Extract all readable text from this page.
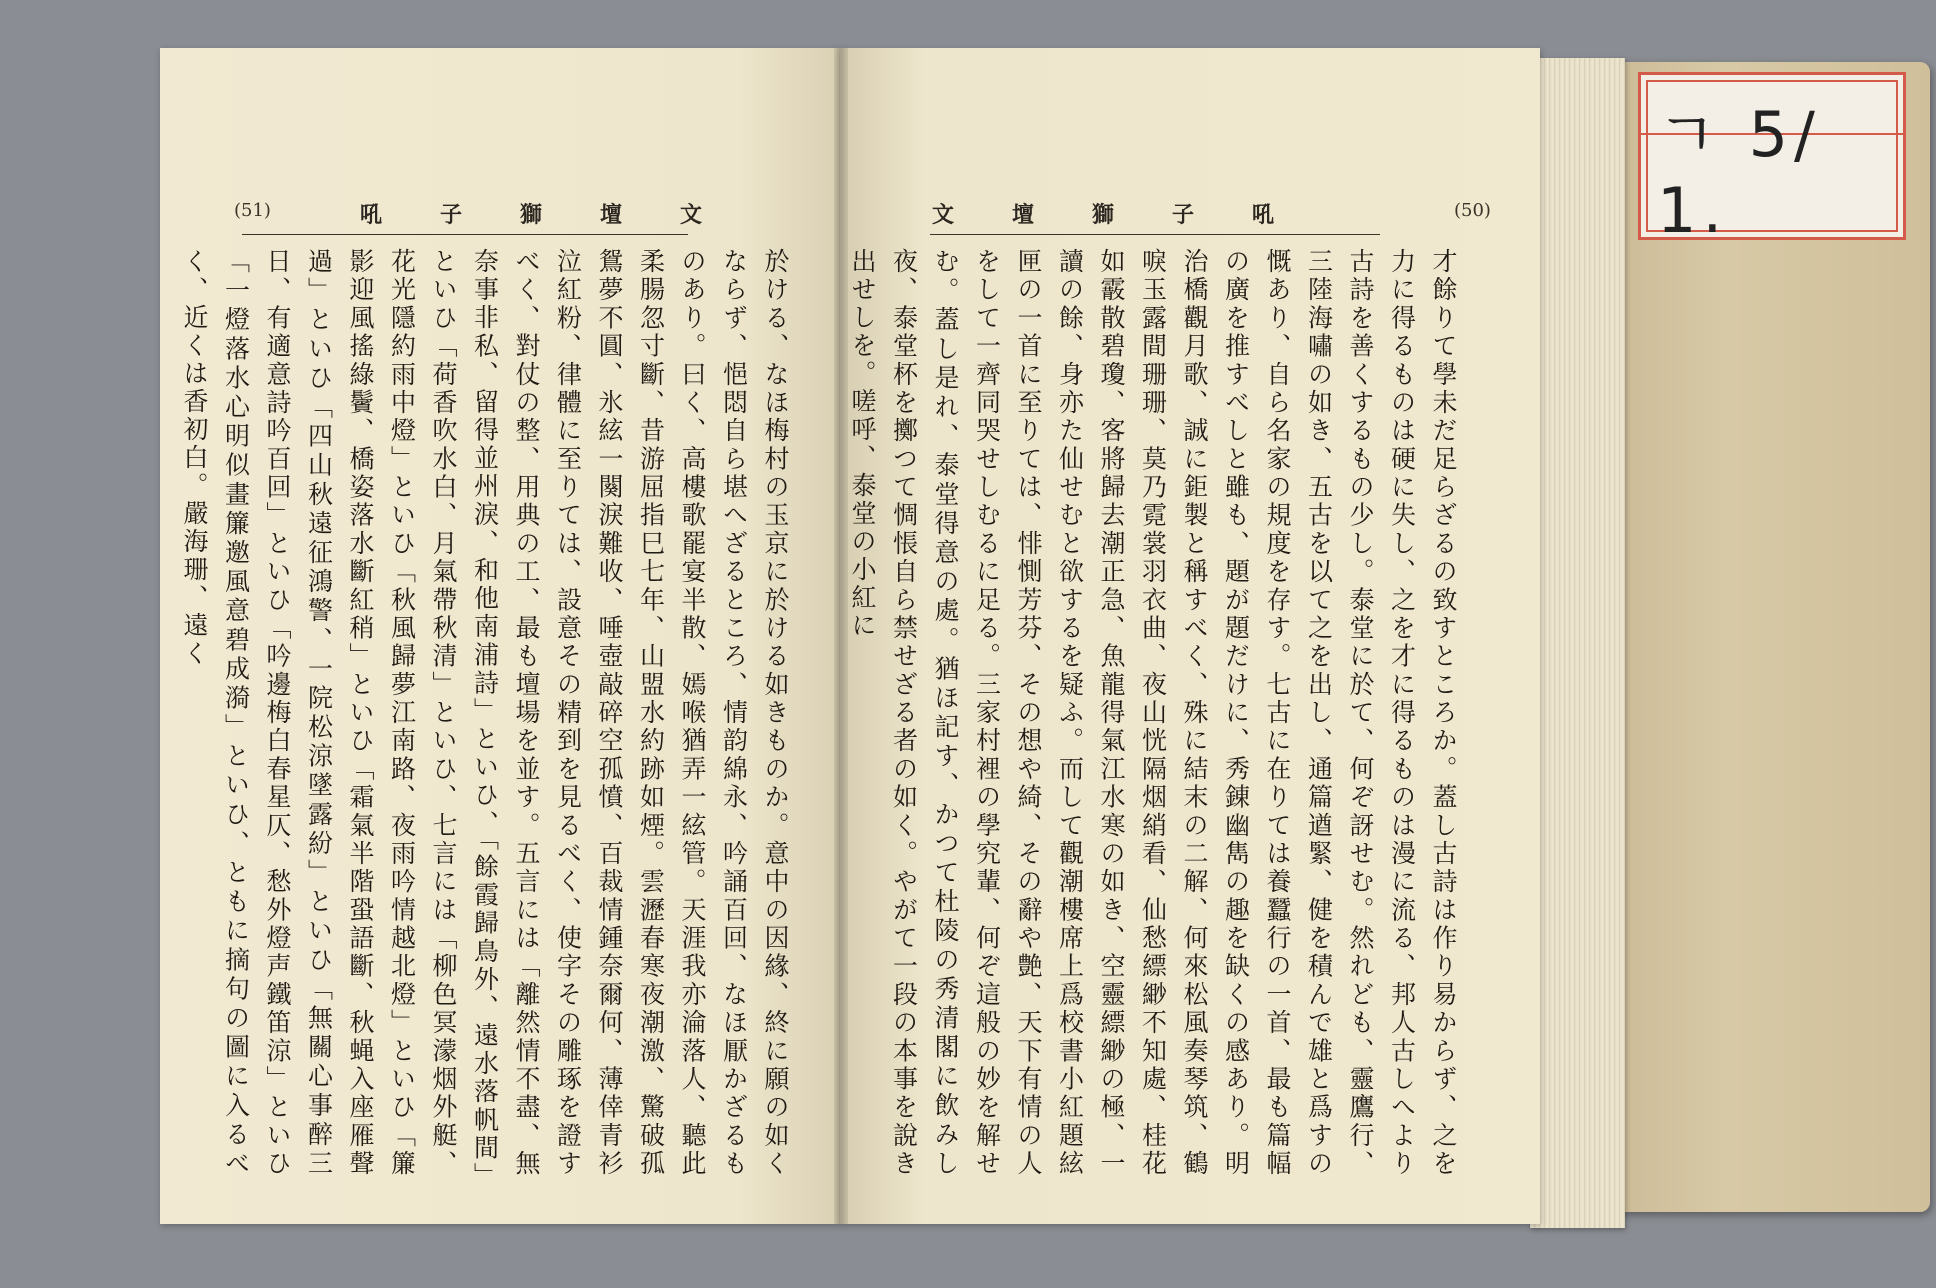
ㄱ 5/ 1.
(51)	吼子獅壇文

於ける、なほ梅村の玉京に於ける如きものか。意中の因緣、終に願の如くならず、悒悶自ら堪へざるところ、情韵綿永、吟誦百回、なほ厭かざるものあり。曰く、高樓歌罷宴半散、嫣喉猶弄一絃管。天涯我亦淪落人、聽此柔腸忽寸斷、昔游屈指巳七年、山盟水約跡如煙。雲瀝春寒夜潮激、驚破孤鴛夢不圓、氷絃一闋淚難收、唾壺敲碎空孤憤、百裁情鍾奈爾何、薄倖青衫泣紅粉、律體に至りては、設意その精到を見るべく、使字その雕琢を證すべく、對仗の整、用典の工、最も壇場を並す。五言には「離然情不盡、無奈事非私、留得並州淚、和他南浦詩」といひ、「餘霞歸鳥外、遠水落帆間」といひ「荷香吹水白、月氣帶秋清」といひ、七言には「柳色冥濛烟外艇、花光隱約雨中燈」といひ「秋風歸夢江南路、夜雨吟情越北燈」といひ「簾影迎風搖綠鬢、橋姿落水斷紅稍」といひ「霜氣半階蛩語斷、秋蝇入座雁聲過」といひ「四山秋遠征鴻警、一院松涼墜露紛」といひ「無關心事醉三日、有適意詩吟百回」といひ「吟邊梅白春星仄、愁外燈声鐵笛涼」といひ「一燈落水心明似畫簾邀風意碧成漪」といひ、ともに摘句の圖に入るべく、近くは香初白。嚴海珊、遠く

文壇獅子吼	(50)

才餘りて學未だ足らざるの致すところか。蓋し古詩は作り易からず、之を力に得るものは硬に失し、之を才に得るものは漫に流る、邦人古しへより古詩を善くするもの少し。泰堂に於て、何ぞ訝せむ。然れども、靈鷹行、三陸海嘯の如き、五古を以て之を出し、通篇遒緊、健を積んで雄と爲すの慨あり、自ら名家の規度を存す。七古に在りては養蠶行の一首、最も篇幅の廣を推すべしと雖も、題が題だけに、秀錬幽雋の趣を缺くの感あり。明治橋觀月歌、誠に鉅製と稱すべく、殊に結末の二解、何來松風奏琴筑、鶴唳玉露間珊珊、莫乃霓裳羽衣曲、夜山恍隔烟綃看、仙愁縹緲不知處、桂花如霰散碧瓊、客將歸去潮正急、魚龍得氣江水寒の如き、空靈縹緲の極、一讀の餘、身亦た仙せむと欲するを疑ふ。而して觀潮樓席上爲校書小紅題絃匣の一首に至りては、悱惻芳芬、その想や綺、その辭や艶、天下有情の人をして一齊同哭せしむるに足る。三家村裡の學究輩、何ぞ這般の妙を解せむ。蓋し是れ、泰堂得意の處。猶ほ記す、かつて杜陵の秀清閣に飲みし夜、泰堂杯を擲つて惆悵自ら禁せざる者の如く。やがて一段の本事を說き出せしを。嗟呼、泰堂の小紅に
